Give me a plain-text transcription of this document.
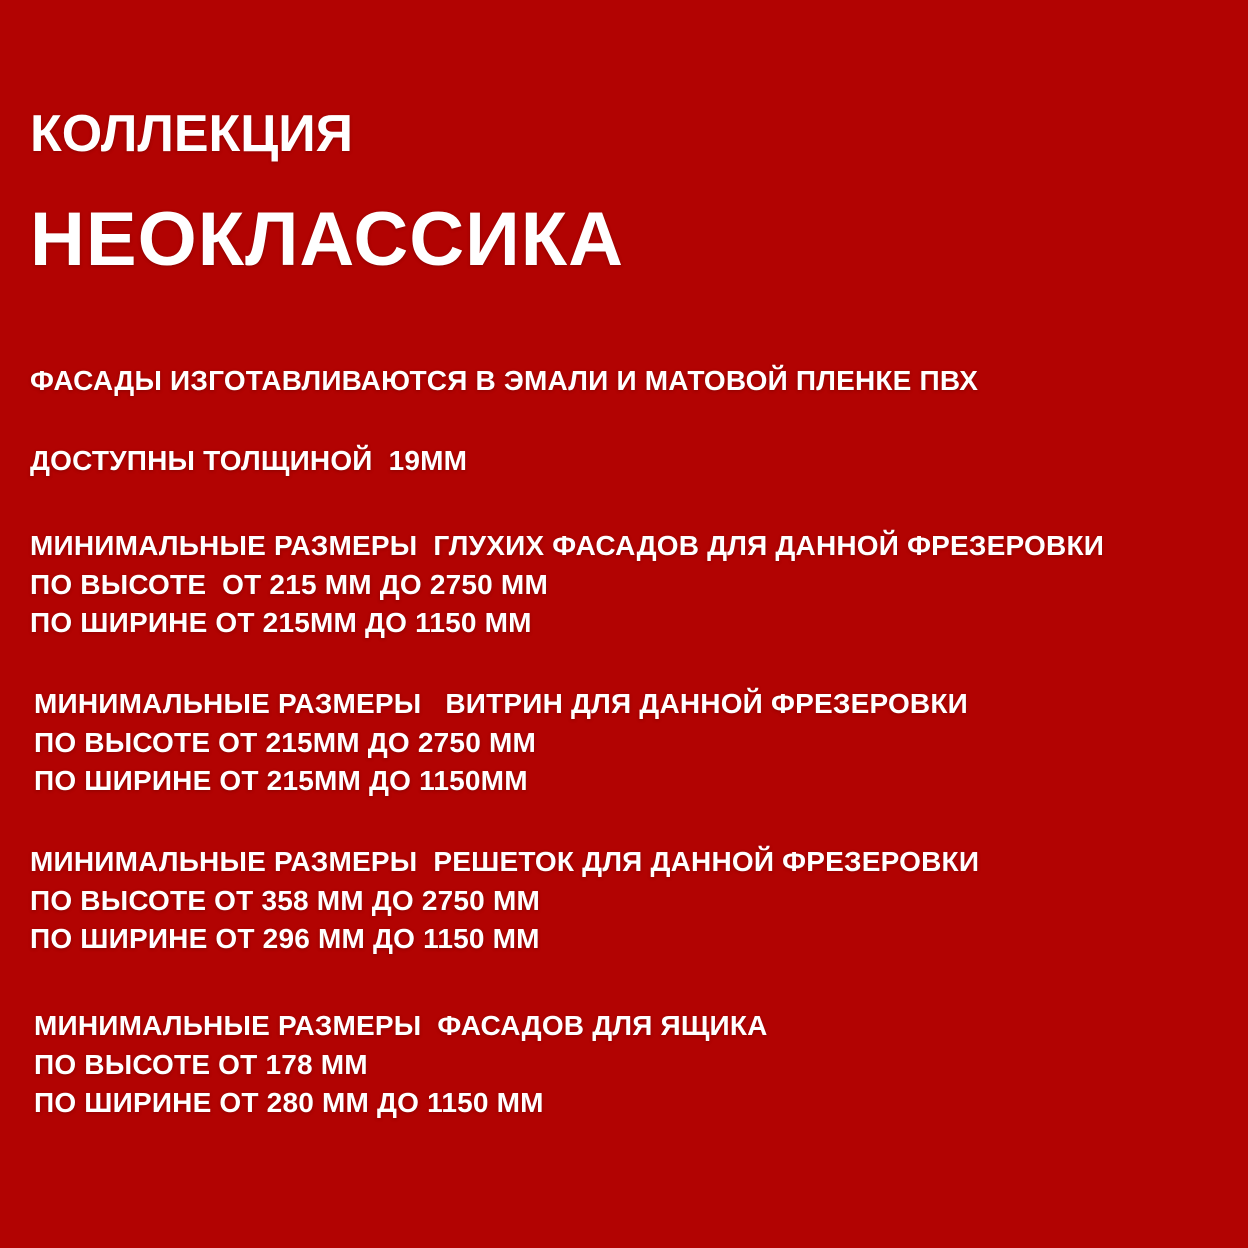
КОЛЛЕКЦИЯ
НЕОКЛАССИКА
ФАСАДЫ ИЗГОТАВЛИВАЮТСЯ В ЭМАЛИ И МАТОВОЙ ПЛЕНКЕ ПВХ
ДОСТУПНЫ ТОЛЩИНОЙ  19ММ
МИНИМАЛЬНЫЕ РАЗМЕРЫ  ГЛУХИХ ФАСАДОВ ДЛЯ ДАННОЙ ФРЕЗЕРОВКИ
ПО ВЫСОТЕ  ОТ 215 ММ ДО 2750 ММ
ПО ШИРИНЕ ОТ 215ММ ДО 1150 ММ
МИНИМАЛЬНЫЕ РАЗМЕРЫ   ВИТРИН ДЛЯ ДАННОЙ ФРЕЗЕРОВКИ
ПО ВЫСОТЕ ОТ 215ММ ДО 2750 ММ
ПО ШИРИНЕ ОТ 215ММ ДО 1150ММ
МИНИМАЛЬНЫЕ РАЗМЕРЫ  РЕШЕТОК ДЛЯ ДАННОЙ ФРЕЗЕРОВКИ
ПО ВЫСОТЕ ОТ 358 ММ ДО 2750 ММ
ПО ШИРИНЕ ОТ 296 ММ ДО 1150 ММ
МИНИМАЛЬНЫЕ РАЗМЕРЫ  ФАСАДОВ ДЛЯ ЯЩИКА
ПО ВЫСОТЕ ОТ 178 ММ
ПО ШИРИНЕ ОТ 280 ММ ДО 1150 ММ
